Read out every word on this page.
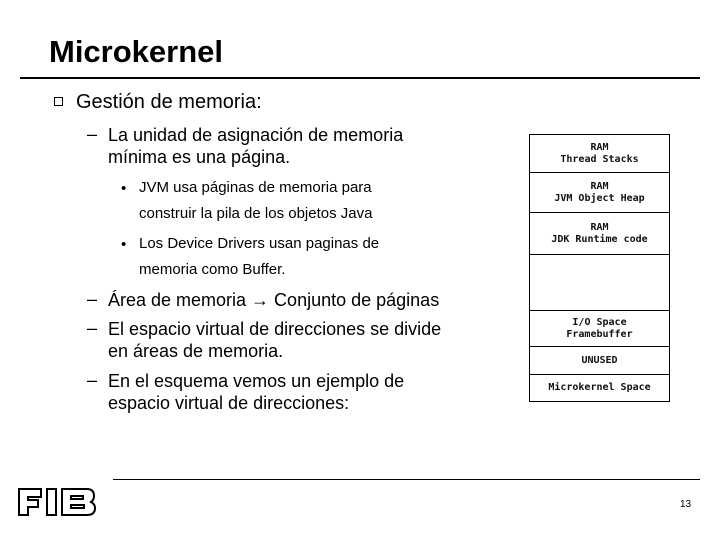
Microkernel
Gestión de memoria:
– La unidad de asignación de memoria
mínima es una página.
• JVM usa páginas de memoria para
construir la pila de los objetos Java
• Los Device Drivers usan paginas de
memoria como Buffer.
– Área de memoria → Conjunto de páginas
– El espacio virtual de direcciones se divide
en áreas de memoria.
– En el esquema vemos un ejemplo de
espacio virtual de direcciones:
RAM
Thread Stacks
RAM
JVM Object Heap
RAM
JDK Runtime code
I/O Space
Framebuffer
UNUSED
Microkernel Space
13
